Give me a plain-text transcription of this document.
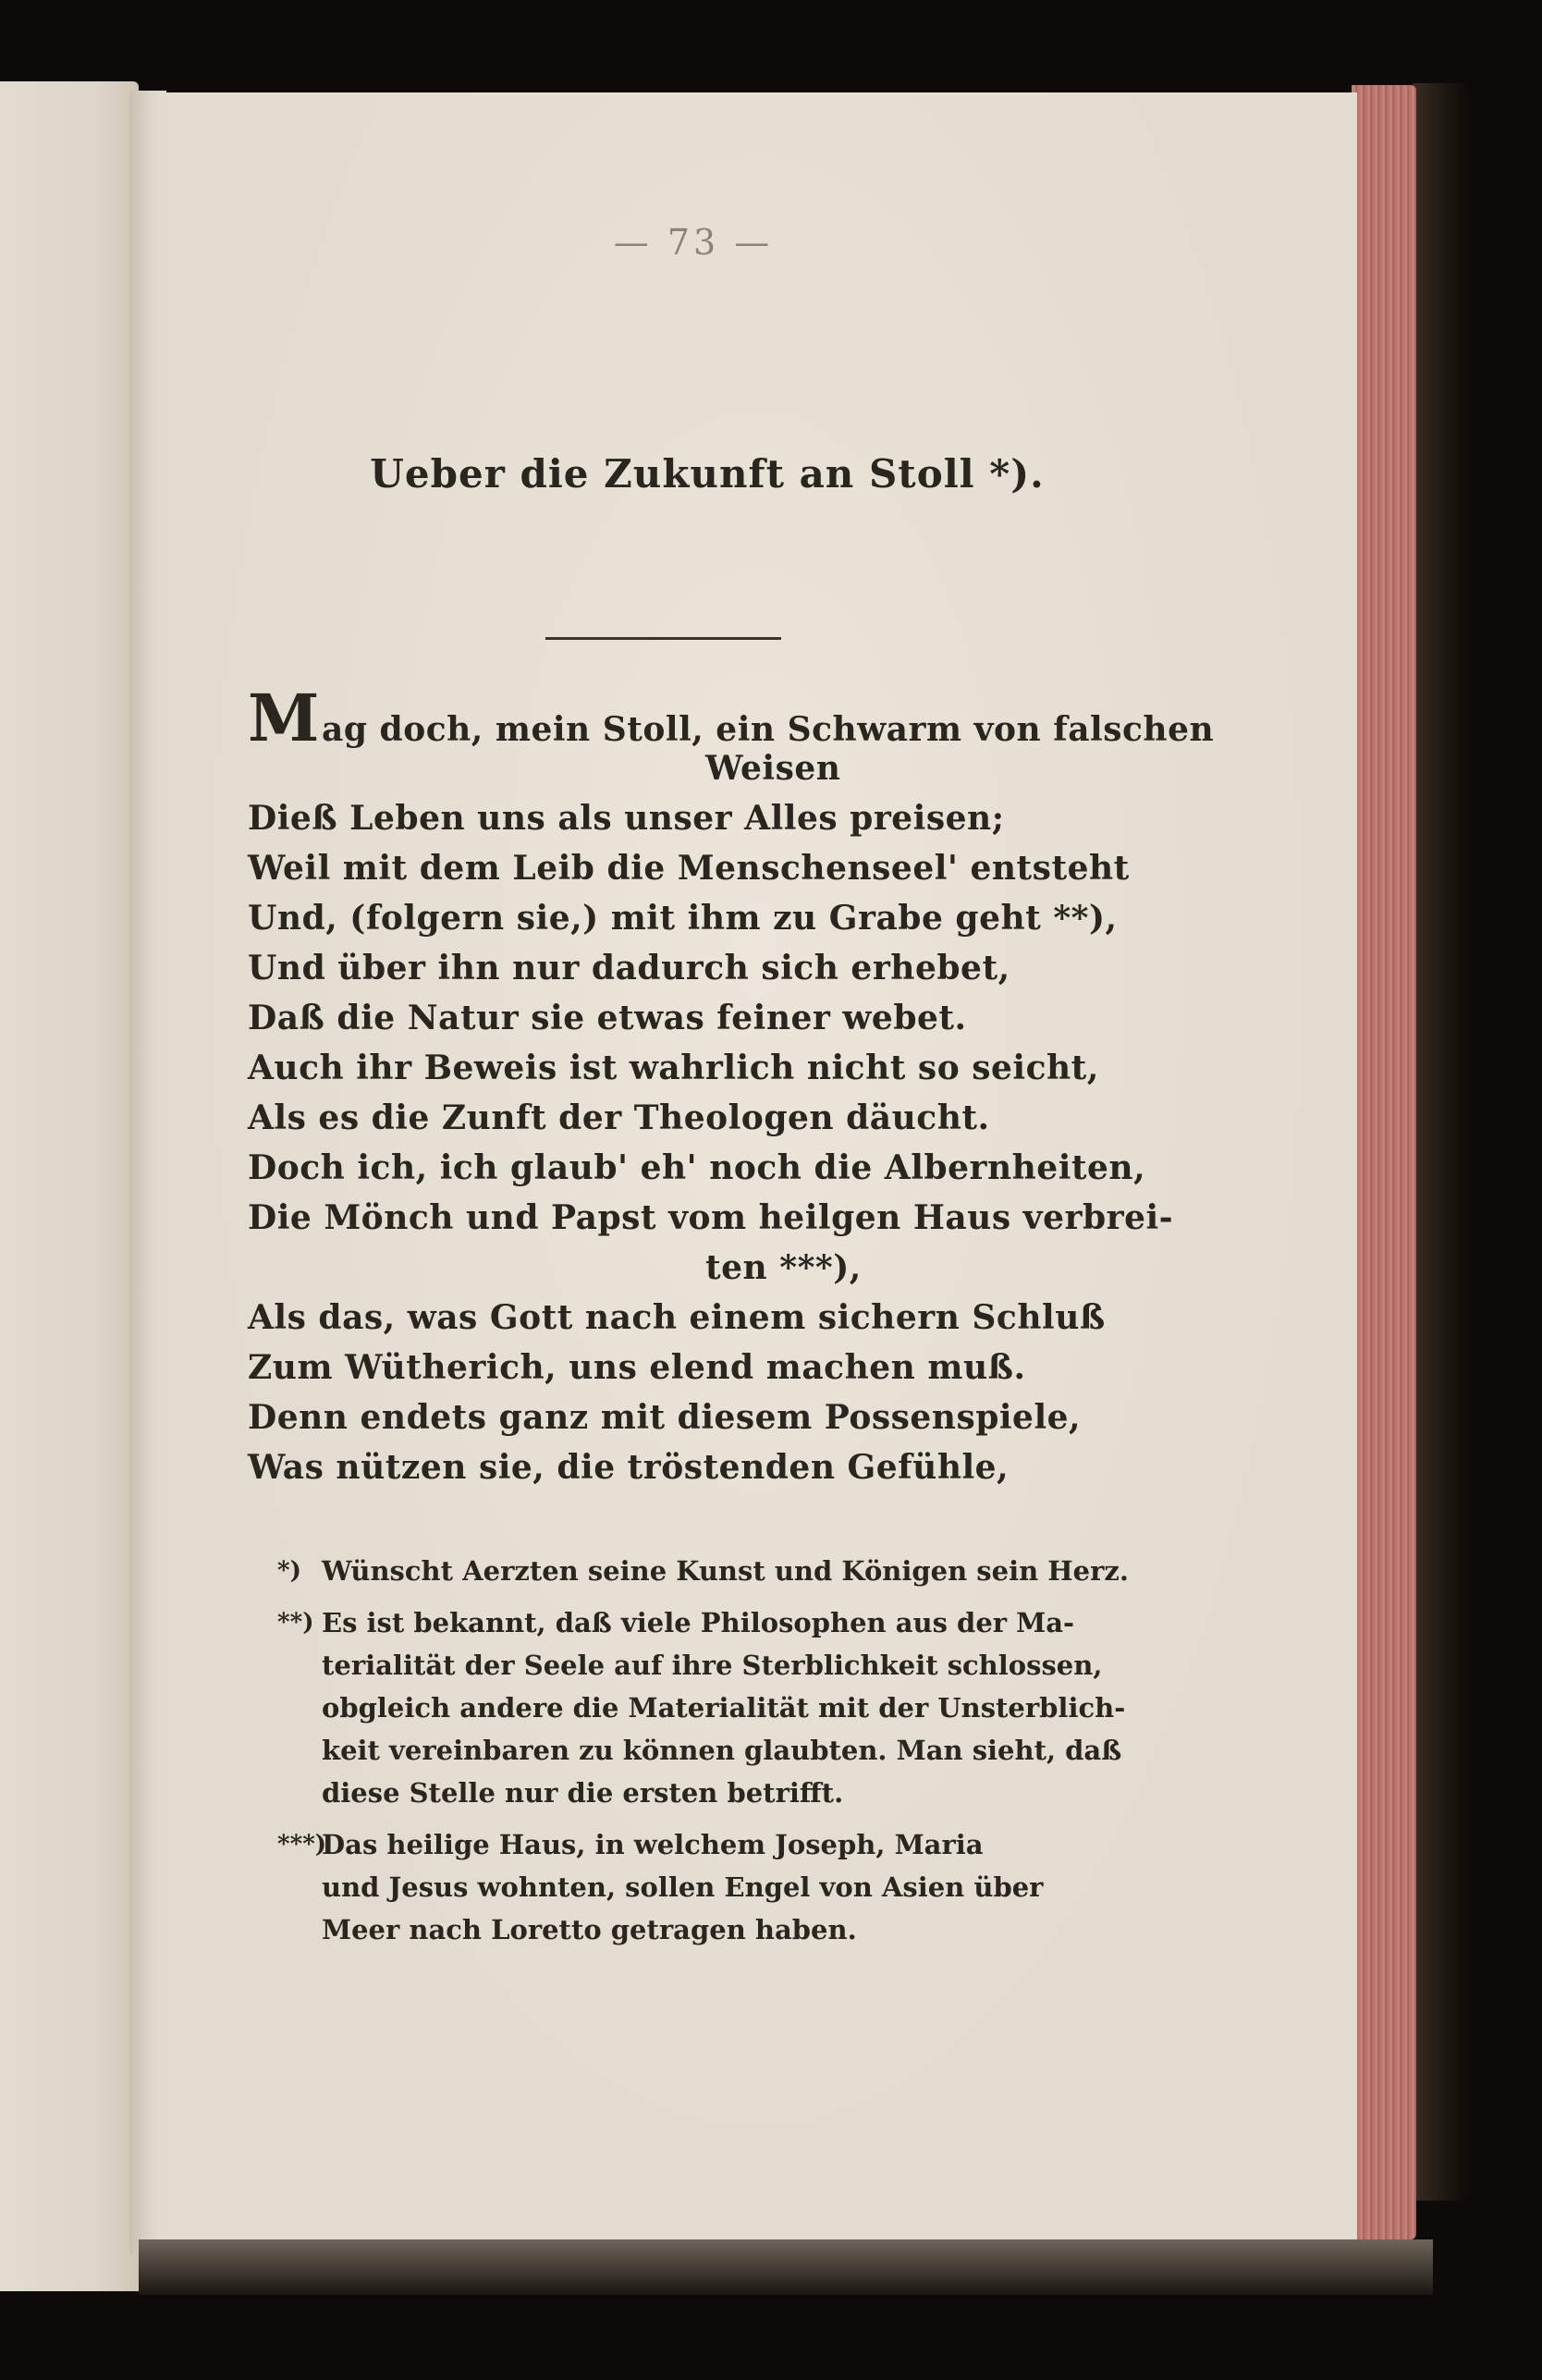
— 73 —
Ueber die Zukunft an Stoll *).
Mag doch, mein Stoll, ein Schwarm von falschen
Weisen
Dieß Leben uns als unser Alles preisen;
Weil mit dem Leib die Menschenseel' entsteht
Und, (folgern sie,) mit ihm zu Grabe geht **),
Und über ihn nur dadurch sich erhebet,
Daß die Natur sie etwas feiner webet.
Auch ihr Beweis ist wahrlich nicht so seicht,
Als es die Zunft der Theologen däucht.
Doch ich, ich glaub' eh' noch die Albernheiten,
Die Mönch und Papst vom heilgen Haus verbrei-
ten ***),
Als das, was Gott nach einem sichern Schluß
Zum Wütherich, uns elend machen muß.
Denn endets ganz mit diesem Possenspiele,
Was nützen sie, die tröstenden Gefühle,
*) Wünscht Aerzten seine Kunst und Königen sein Herz.
**) Es ist bekannt, daß viele Philosophen aus der Ma-
terialität der Seele auf ihre Sterblichkeit schlossen,
obgleich andere die Materialität mit der Unsterblich-
keit vereinbaren zu können glaubten. Man sieht, daß
diese Stelle nur die ersten betrifft.
***)
Das heilige Haus, in welchem Joseph, Maria
und Jesus wohnten, sollen Engel von Asien über
Meer nach Loretto getragen haben.
